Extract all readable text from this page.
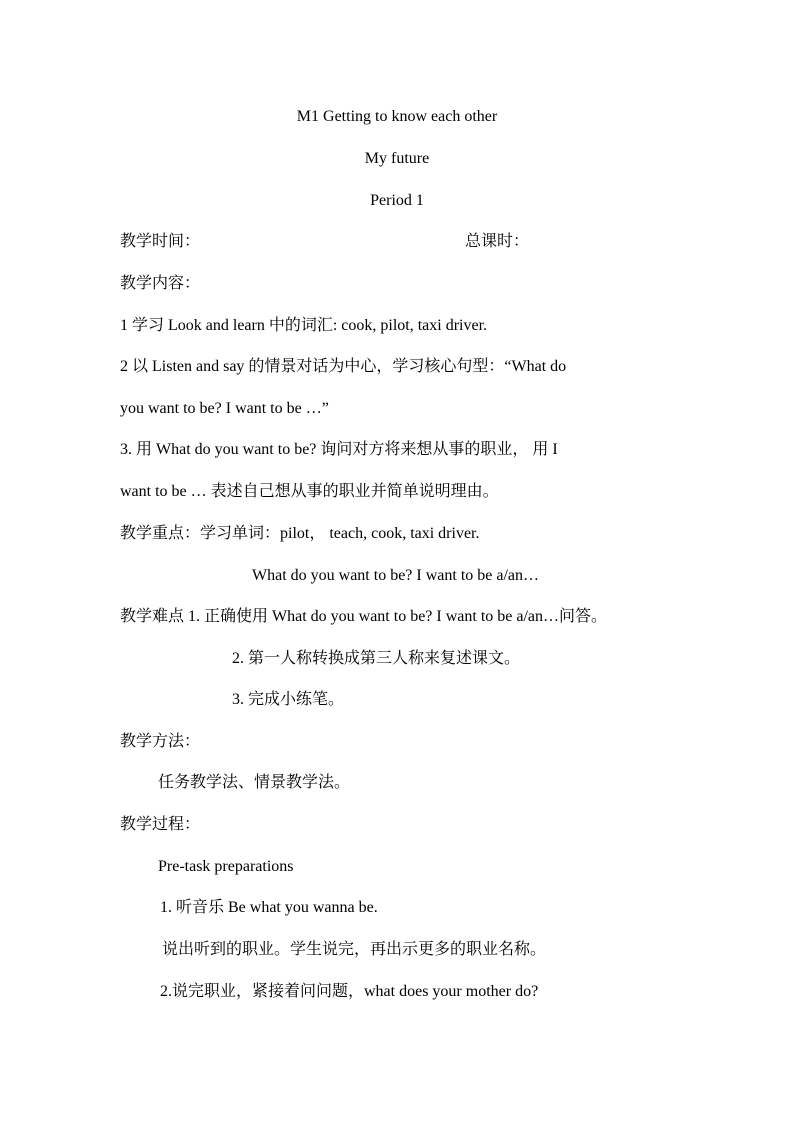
M1 Getting to know each other
My future
Period 1
教学时间：	总课时：
教学内容：
1 学习 Look and learn 中的词汇: cook, pilot, taxi driver.
2 以 Listen and say 的情景对话为中心，学习核心句型：“What do
you want to be? I want to be …”
3. 用 What do you want to be? 询问对方将来想从事的职业， 用 I
want to be … 表述自己想从事的职业并简单说明理由。
教学重点：学习单词：pilot， teach, cook, taxi driver.
What do you want to be? I want to be a/an…
教学难点 1. 正确使用 What do you want to be? I want to be a/an…问答。
2. 第一人称转换成第三人称来复述课文。
3. 完成小练笔。
教学方法：
任务教学法、情景教学法。
教学过程：
Pre-task preparations
1. 听音乐 Be what you wanna be.
说出听到的职业。学生说完，再出示更多的职业名称。
2.说完职业，紧接着问问题，what does your mother do?
